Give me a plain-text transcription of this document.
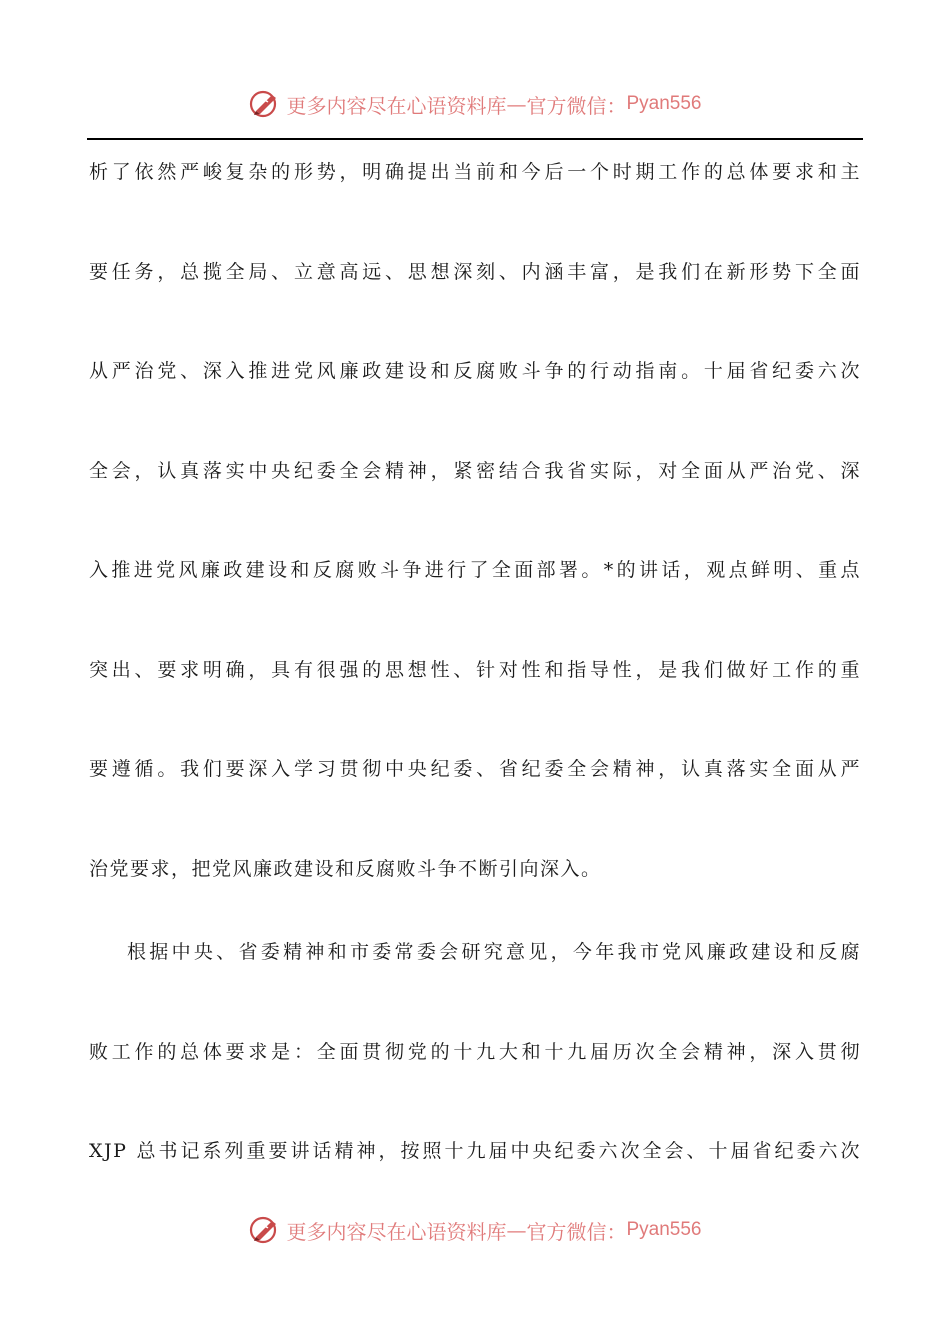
更多内容尽在心语资料库 — 官方微信： Pyan556
析了依然严峻复杂的形势，明确提出当前和今后一个时期工作的总体要求和主
要任务，总揽全局、立意高远、思想深刻、内涵丰富，是我们在新形势下全面
从严治党、深入推进党风廉政建设和反腐败斗争的行动指南。十届省纪委六次
全会，认真落实中央纪委全会精神，紧密结合我省实际，对全面从严治党、深
入推进党风廉政建设和反腐败斗争进行了全面部署。*的讲话，观点鲜明、重点
突出、要求明确，具有很强的思想性、针对性和指导性，是我们做好工作的重
要遵循。我们要深入学习贯彻中央纪委、省纪委全会精神，认真落实全面从严
治党要求，把党风廉政建设和反腐败斗争不断引向深入。
根据中央、省委精神和市委常委会研究意见，今年我市党风廉政建设和反腐
败工作的总体要求是：全面贯彻党的十九大和十九届历次全会精神，深入贯彻
XJP 总书记系列重要讲话精神，按照十九届中央纪委六次全会、十届省纪委六次
更多内容尽在心语资料库 — 官方微信： Pyan556
